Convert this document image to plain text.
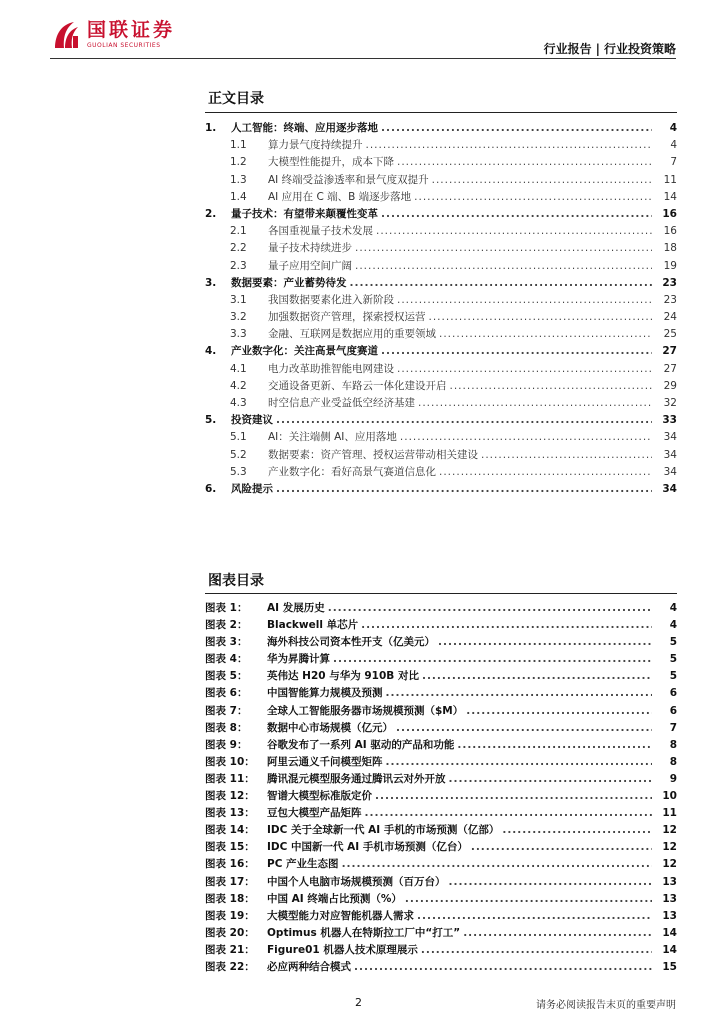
国联证券
GUOLIAN SECURITIES	行业报告 | 行业投资策略
正文目录
1.	人工智能：终端、应用逐步落地 .....	4
1.1	算力景气度持续提升 .....	4
1.2	大模型性能提升，成本下降 .....	7
1.3	AI 终端受益渗透率和景气度双提升 .....	11
1.4	AI 应用在 C 端、B 端逐步落地 .....	14
2.	量子技术：有望带来颠覆性变革 .....	16
2.1	各国重视量子技术发展 .....	16
2.2	量子技术持续进步 .....	18
2.3	量子应用空间广阔 .....	19
3.	数据要素：产业蓄势待发 .....	23
3.1	我国数据要素化进入新阶段 .....	23
3.2	加强数据资产管理，探索授权运营 .....	24
3.3	金融、互联网是数据应用的重要领域 .....	25
4.	产业数字化：关注高景气度赛道 .....	27
4.1	电力改革助推智能电网建设 .....	27
4.2	交通设备更新、车路云一体化建设开启 .....	29
4.3	时空信息产业受益低空经济基建 .....	32
5.	投资建议 .....	33
5.1	AI：关注端侧 AI、应用落地 .....	34
5.2	数据要素：资产管理、授权运营带动相关建设 .....	34
5.3	产业数字化：看好高景气赛道信息化 .....	34
6.	风险提示 .....	34
图表目录
图表 1：	AI 发展历史 .....	4
图表 2：	Blackwell 单芯片 .....	4
图表 3：	海外科技公司资本性开支（亿美元） .....	5
图表 4：	华为昇腾计算 .....	5
图表 5：	英伟达 H20 与华为 910B 对比 .....	5
图表 6：	中国智能算力规模及预测 .....	6
图表 7：	全球人工智能服务器市场规模预测（$M） .....	6
图表 8：	数据中心市场规模（亿元） .....	7
图表 9：	谷歌发布了一系列 AI 驱动的产品和功能 .....	8
图表 10：	阿里云通义千问模型矩阵 .....	8
图表 11：	腾讯混元模型服务通过腾讯云对外开放 .....	9
图表 12：	智谱大模型标准版定价 .....	10
图表 13：	豆包大模型产品矩阵 .....	11
图表 14：	IDC 关于全球新一代 AI 手机的市场预测（亿部） .....	12
图表 15：	IDC 中国新一代 AI 手机市场预测（亿台） .....	12
图表 16：	PC 产业生态图 .....	12
图表 17：	中国个人电脑市场规模预测（百万台） .....	13
图表 18：	中国 AI 终端占比预测（%） .....	13
图表 19：	大模型能力对应智能机器人需求 .....	13
图表 20：	Optimus 机器人在特斯拉工厂中“打工” .....	14
图表 21：	Figure01 机器人技术原理展示 .....	14
图表 22：	必应两种结合模式 .....	15
2	请务必阅读报告末页的重要声明
